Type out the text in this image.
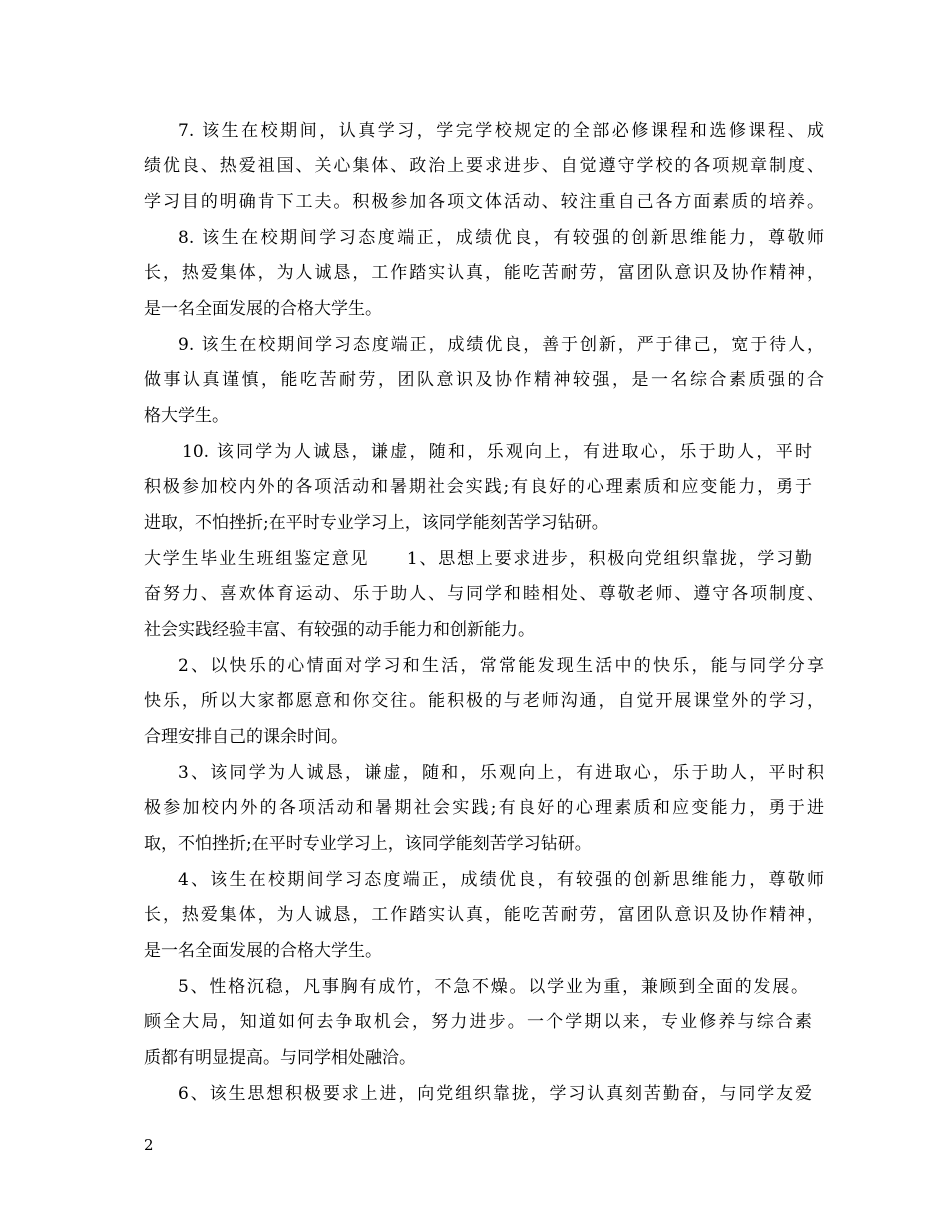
7. 该生在校期间，认真学习，学完学校规定的全部必修课程和选修课程、成
绩优良、热爱祖国、关心集体、政治上要求进步、自觉遵守学校的各项规章制度、
学习目的明确肯下工夫。积极参加各项文体活动、较注重自己各方面素质的培养。
8. 该生在校期间学习态度端正，成绩优良，有较强的创新思维能力，尊敬师
长，热爱集体，为人诚恳，工作踏实认真，能吃苦耐劳，富团队意识及协作精神，
是一名全面发展的合格大学生。
9. 该生在校期间学习态度端正，成绩优良，善于创新，严于律己，宽于待人，
做事认真谨慎，能吃苦耐劳，团队意识及协作精神较强，是一名综合素质强的合
格大学生。
10. 该同学为人诚恳，谦虚，随和，乐观向上，有进取心，乐于助人，平时
积极参加校内外的各项活动和暑期社会实践;有良好的心理素质和应变能力，勇于
进取，不怕挫折;在平时专业学习上，该同学能刻苦学习钻研。
大学生毕业生班组鉴定意见　　1、思想上要求进步，积极向党组织靠拢，学习勤
奋努力、喜欢体育运动、乐于助人、与同学和睦相处、尊敬老师、遵守各项制度、
社会实践经验丰富、有较强的动手能力和创新能力。
2、以快乐的心情面对学习和生活，常常能发现生活中的快乐，能与同学分享
快乐，所以大家都愿意和你交往。能积极的与老师沟通，自觉开展课堂外的学习，
合理安排自己的课余时间。
3、该同学为人诚恳，谦虚，随和，乐观向上，有进取心，乐于助人，平时积
极参加校内外的各项活动和暑期社会实践;有良好的心理素质和应变能力，勇于进
取，不怕挫折;在平时专业学习上，该同学能刻苦学习钻研。
4、该生在校期间学习态度端正，成绩优良，有较强的创新思维能力，尊敬师
长，热爱集体，为人诚恳，工作踏实认真，能吃苦耐劳，富团队意识及协作精神，
是一名全面发展的合格大学生。
5、性格沉稳，凡事胸有成竹，不急不燥。以学业为重，兼顾到全面的发展。
顾全大局，知道如何去争取机会，努力进步。一个学期以来，专业修养与综合素
质都有明显提高。与同学相处融洽。
6、该生思想积极要求上进，向党组织靠拢，学习认真刻苦勤奋，与同学友爱
2
